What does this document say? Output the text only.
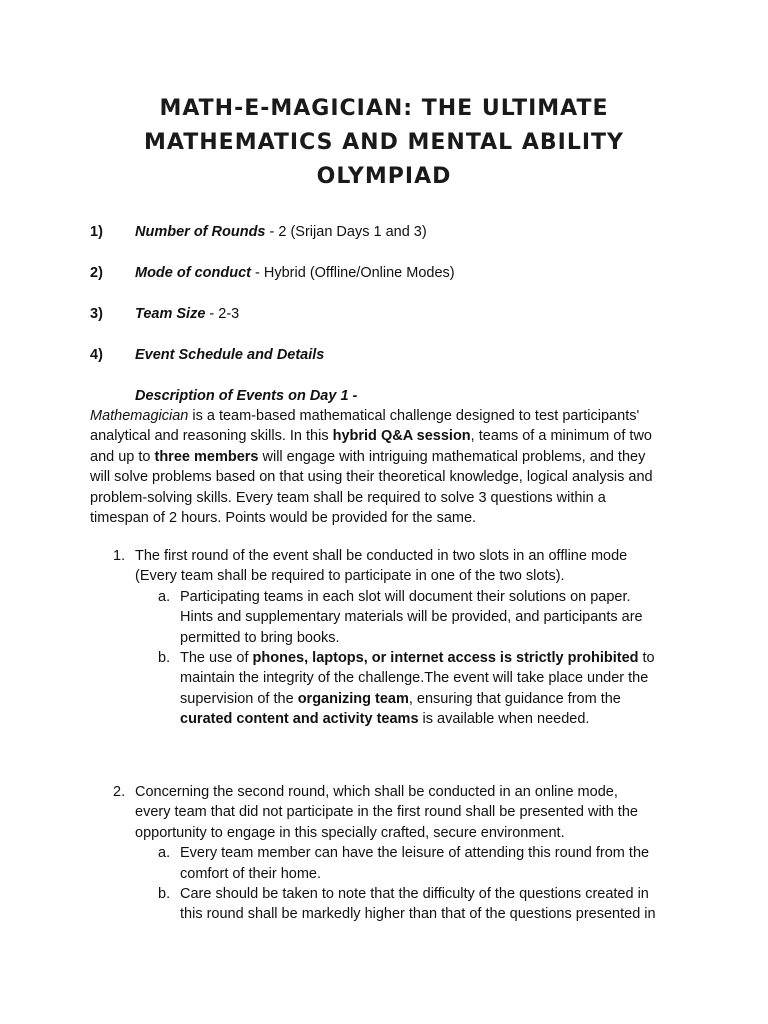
MATH-E-MAGICIAN: THE ULTIMATE
MATHEMATICS AND MENTAL ABILITY
OLYMPIAD
1) Number of Rounds - 2 (Srijan Days 1 and 3)
2) Mode of conduct - Hybrid (Offline/Online Modes)
3) Team Size - 2-3
4) Event Schedule and Details
Description of Events on Day 1 -
Mathemagician is a team-based mathematical challenge designed to test participants'
analytical and reasoning skills. In this hybrid Q&A session, teams of a minimum of two
and up to three members will engage with intriguing mathematical problems, and they
will solve problems based on that using their theoretical knowledge, logical analysis and
problem-solving skills. Every team shall be required to solve 3 questions within a
timespan of 2 hours. Points would be provided for the same.
1. The first round of the event shall be conducted in two slots in an offline mode
(Every team shall be required to participate in one of the two slots).
a. Participating teams in each slot will document their solutions on paper.
Hints and supplementary materials will be provided, and participants are
permitted to bring books.
b. The use of phones, laptops, or internet access is strictly prohibited to
maintain the integrity of the challenge.The event will take place under the
supervision of the organizing team, ensuring that guidance from the
curated content and activity teams is available when needed.
2. Concerning the second round, which shall be conducted in an online mode,
every team that did not participate in the first round shall be presented with the
opportunity to engage in this specially crafted, secure environment.
a. Every team member can have the leisure of attending this round from the
comfort of their home.
b. Care should be taken to note that the difficulty of the questions created in
this round shall be markedly higher than that of the questions presented in
